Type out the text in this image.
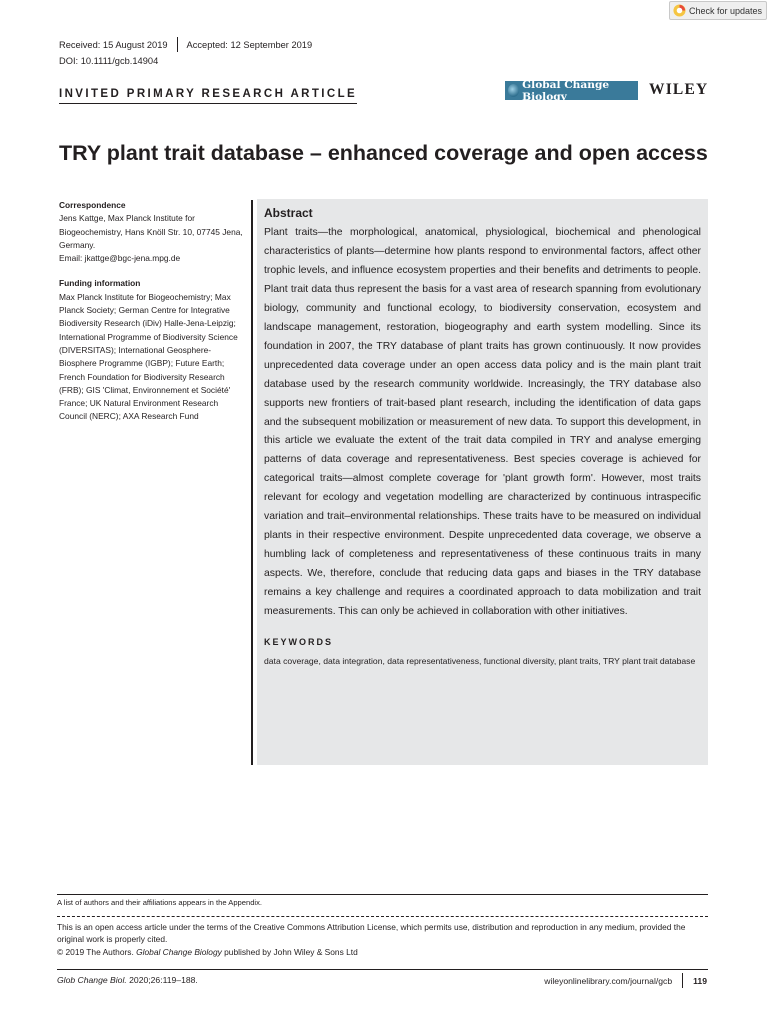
Check for updates
Received: 15 August 2019 Accepted: 12 September 2019
DOI: 10.1111/gcb.14904
INVITED PRIMARY RESEARCH ARTICLE
Global Change Biology	WILEY
TRY plant trait database – enhanced coverage and open access
Correspondence
Jens Kattge, Max Planck Institute for Biogeochemistry, Hans Knöll Str. 10, 07745 Jena, Germany.
Email: jkattge@bgc-jena.mpg.de
Funding information
Max Planck Institute for Biogeochemistry; Max Planck Society; German Centre for Integrative Biodiversity Research (iDiv) Halle-Jena-Leipzig; International Programme of Biodiversity Science (DIVERSITAS); International Geosphere-Biosphere Programme (IGBP); Future Earth; French Foundation for Biodiversity Research (FRB); GIS 'Climat, Environnement et Société' France; UK Natural Environment Research Council (NERC); AXA Research Fund
Abstract
Plant traits—the morphological, anatomical, physiological, biochemical and phenological characteristics of plants—determine how plants respond to environmental factors, affect other trophic levels, and influence ecosystem properties and their benefits and detriments to people. Plant trait data thus represent the basis for a vast area of research spanning from evolutionary biology, community and functional ecology, to biodiversity conservation, ecosystem and landscape management, restoration, biogeography and earth system modelling. Since its foundation in 2007, the TRY database of plant traits has grown continuously. It now provides unprecedented data coverage under an open access data policy and is the main plant trait database used by the research community worldwide. Increasingly, the TRY database also supports new frontiers of trait-based plant research, including the identification of data gaps and the subsequent mobilization or measurement of new data. To support this development, in this article we evaluate the extent of the trait data compiled in TRY and analyse emerging patterns of data coverage and representativeness. Best species coverage is achieved for categorical traits—almost complete coverage for 'plant growth form'. However, most traits relevant for ecology and vegetation modelling are characterized by continuous intraspecific variation and trait–environmental relationships. These traits have to be measured on individual plants in their respective environment. Despite unprecedented data coverage, we observe a humbling lack of completeness and representativeness of these continuous traits in many aspects. We, therefore, conclude that reducing data gaps and biases in the TRY database remains a key challenge and requires a coordinated approach to data mobilization and trait measurements. This can only be achieved in collaboration with other initiatives.
KEYWORDS
data coverage, data integration, data representativeness, functional diversity, plant traits, TRY plant trait database
A list of authors and their affiliations appears in the Appendix.
This is an open access article under the terms of the Creative Commons Attribution License, which permits use, distribution and reproduction in any medium, provided the original work is properly cited.
© 2019 The Authors. Global Change Biology published by John Wiley & Sons Ltd
Glob Change Biol. 2020;26:119–188.	wileyonlinelibrary.com/journal/gcb 119
